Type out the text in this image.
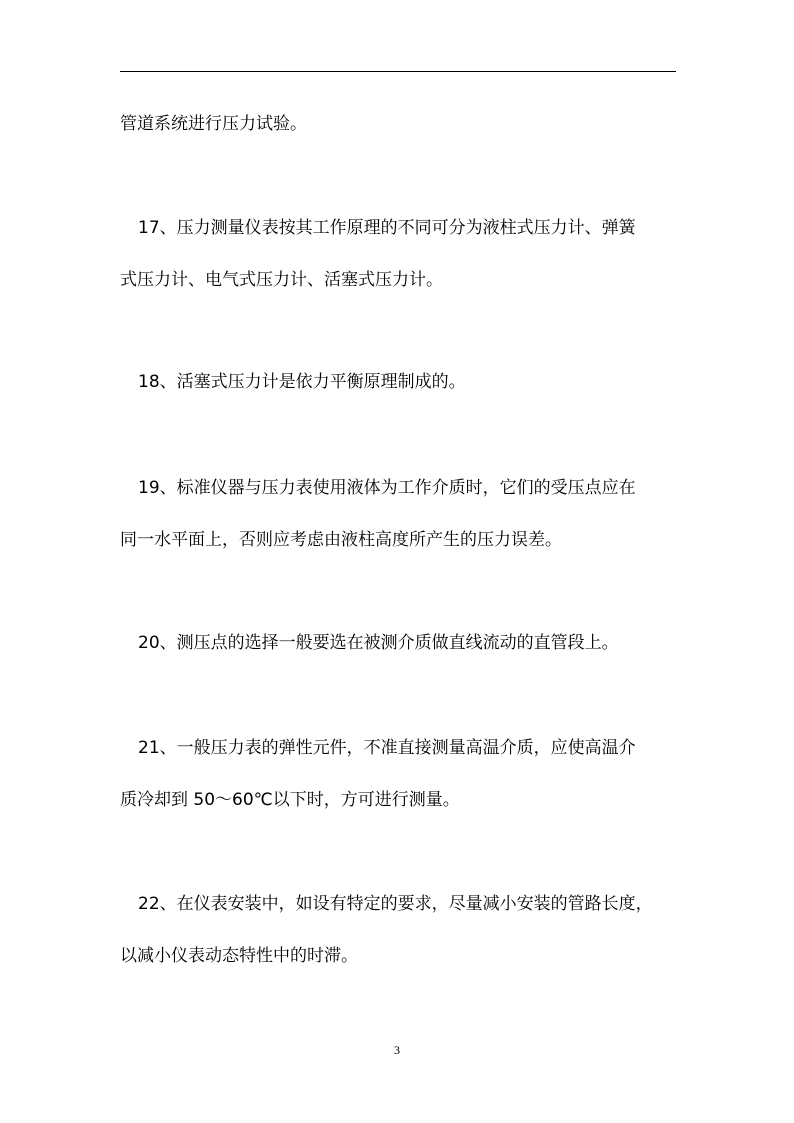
管道系统进行压力试验。
17、压力测量仪表按其工作原理的不同可分为液柱式压力计、弹簧
式压力计、电气式压力计、活塞式压力计。
18、活塞式压力计是依力平衡原理制成的。
19、标准仪器与压力表使用液体为工作介质时，它们的受压点应在
同一水平面上，否则应考虑由液柱高度所产生的压力误差。
20、测压点的选择一般要选在被测介质做直线流动的直管段上。
21、一般压力表的弹性元件，不准直接测量高温介质，应使高温介
质冷却到 50～60℃以下时，方可进行测量。
22、在仪表安装中，如设有特定的要求，尽量减小安装的管路长度，
以减小仪表动态特性中的时滞。
3
